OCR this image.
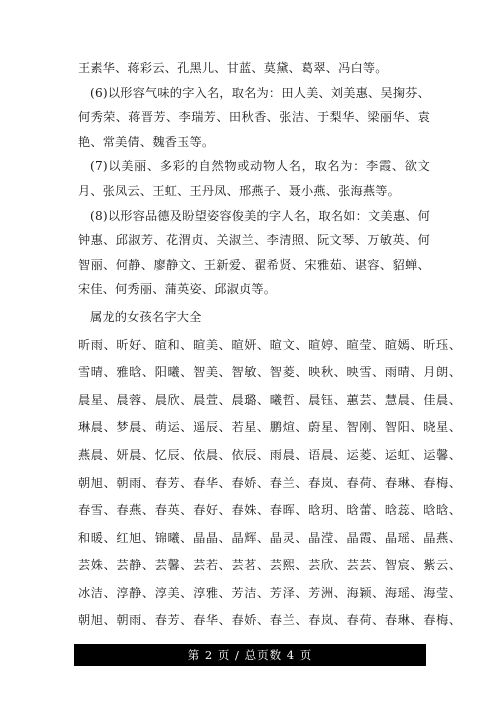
王素华、蒋彩云、孔黑儿、甘蓝、莫黛、葛翠、冯白等。

(6)以形容气味的字入名，取名为：田人美、刘美惠、吴掬芬、何秀荣、蒋晋芳、李瑞芳、田秋香、张洁、于梨华、梁丽华、袁艳、常美倩、魏香玉等。

(7)以美丽、多彩的自然物或动物人名，取名为：李霞、欲文月、张凤云、王虹、王丹凤、邢燕子、聂小燕、张海燕等。

(8)以形容品德及盼望姿容俊美的字人名，取名如：文美惠、何钟惠、邱淑芳、花渭贞、关淑兰、李清照、阮文琴、万敏英、何智丽、何静、廖静文、王新爱、翟希贤、宋雅茹、谌容、貂蝉、宋佳、何秀丽、蒲英姿、邱淑贞等。

属龙的女孩名字大全

昕雨、昕好、暄和、暄美、暄妍、暄文、暄婷、暄莹、暄嫣、昕珏、

雪晴、雅晗、阳曦、智美、智敏、智菱、映秋、映雪、雨晴、月朗、

晨星、晨蓉、晨欣、晨萱、晨璐、曦哲、晨钰、蕙芸、慧晨、佳晨、

琳晨、梦晨、萌运、遥辰、若星、鹏煊、蔚星、智刚、智阳、晓星、

燕晨、妍晨、忆辰、依晨、依辰、雨晨、语晨、运菱、运虹、运馨、

朝旭、朝雨、春芳、春华、春娇、春兰、春岚、春荷、春琳、春梅、

春雪、春燕、春英、春好、春姝、春晖、晗玥、晗蕾、晗蕊、晗晗、

和暖、红旭、锦曦、晶晶、晶辉、晶灵、晶滢、晶霞、晶瑶、晶燕、

芸姝、芸静、芸馨、芸若、芸茗、芸熙、芸欣、芸芸、智宸、紫云、

冰洁、淳静、淳美、淳雅、芳洁、芳泽、芳洲、海颖、海瑶、海莹、

朝旭、朝雨、春芳、春华、春娇、春兰、春岚、春荷、春琳、春梅、

第 2 页 / 总页数 4 页
